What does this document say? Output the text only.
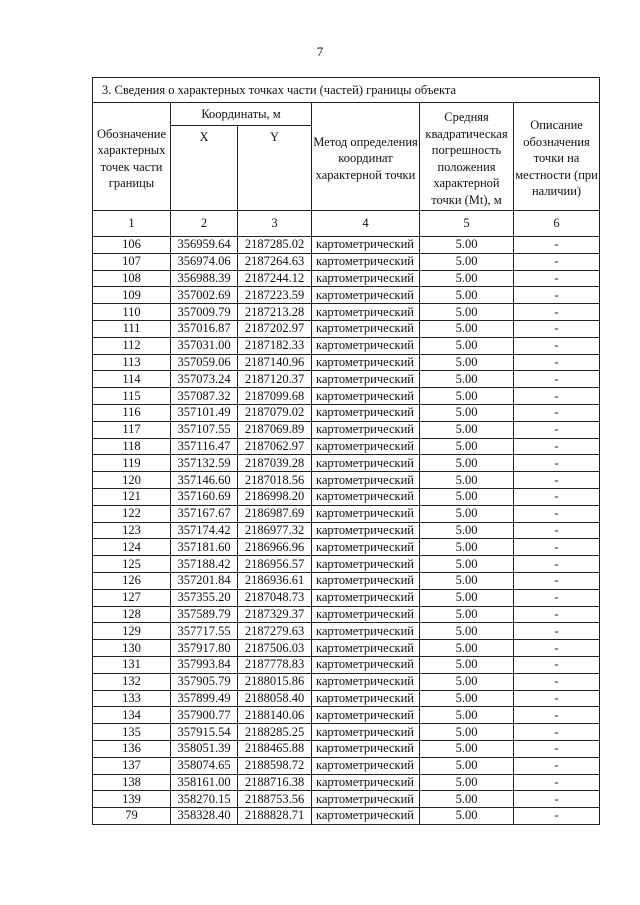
7
3. Сведения о характерных точках части (частей) границы объекта					
Обозначение характерных точек части границы	Координаты, м		Метод определения координат характерной точки	Средняя квадратическая погрешность положения характерной точки (Mt), м	Описание обозначения точки на местности (при наличии)
	X	Y			
1	2	3	4	5	6
106	356959.64	2187285.02	картометрический	5.00	-
107	356974.06	2187264.63	картометрический	5.00	-
108	356988.39	2187244.12	картометрический	5.00	-
109	357002.69	2187223.59	картометрический	5.00	-
110	357009.79	2187213.28	картометрический	5.00	-
111	357016.87	2187202.97	картометрический	5.00	-
112	357031.00	2187182.33	картометрический	5.00	-
113	357059.06	2187140.96	картометрический	5.00	-
114	357073.24	2187120.37	картометрический	5.00	-
115	357087.32	2187099.68	картометрический	5.00	-
116	357101.49	2187079.02	картометрический	5.00	-
117	357107.55	2187069.89	картометрический	5.00	-
118	357116.47	2187062.97	картометрический	5.00	-
119	357132.59	2187039.28	картометрический	5.00	-
120	357146.60	2187018.56	картометрический	5.00	-
121	357160.69	2186998.20	картометрический	5.00	-
122	357167.67	2186987.69	картометрический	5.00	-
123	357174.42	2186977.32	картометрический	5.00	-
124	357181.60	2186966.96	картометрический	5.00	-
125	357188.42	2186956.57	картометрический	5.00	-
126	357201.84	2186936.61	картометрический	5.00	-
127	357355.20	2187048.73	картометрический	5.00	-
128	357589.79	2187329.37	картометрический	5.00	-
129	357717.55	2187279.63	картометрический	5.00	-
130	357917.80	2187506.03	картометрический	5.00	-
131	357993.84	2187778.83	картометрический	5.00	-
132	357905.79	2188015.86	картометрический	5.00	-
133	357899.49	2188058.40	картометрический	5.00	-
134	357900.77	2188140.06	картометрический	5.00	-
135	357915.54	2188285.25	картометрический	5.00	-
136	358051.39	2188465.88	картометрический	5.00	-
137	358074.65	2188598.72	картометрический	5.00	-
138	358161.00	2188716.38	картометрический	5.00	-
139	358270.15	2188753.56	картометрический	5.00	-
79	358328.40	2188828.71	картометрический	5.00	-
